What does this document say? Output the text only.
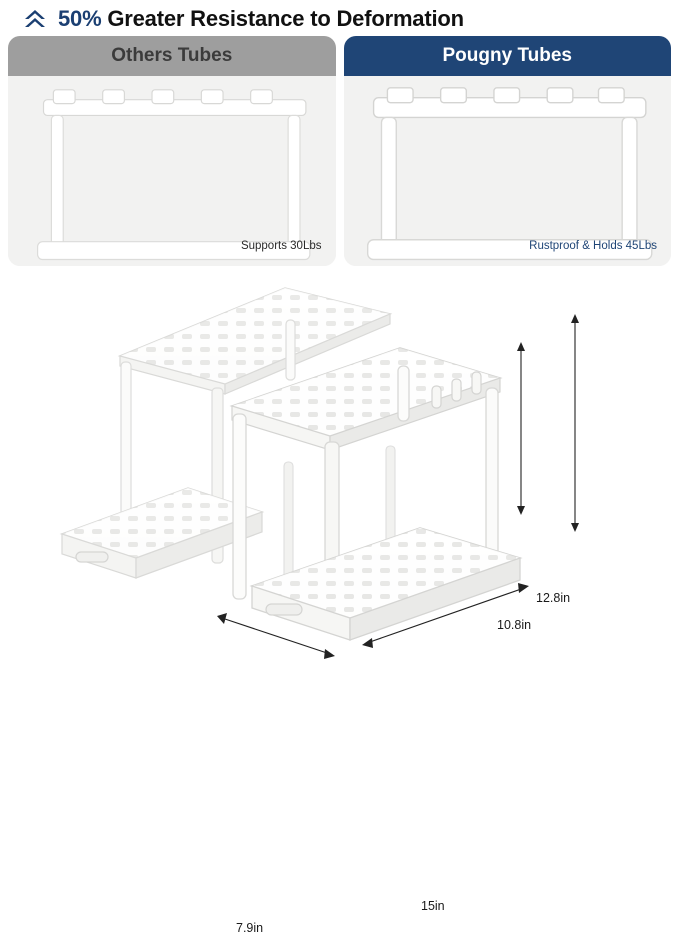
50% Greater Resistance to Deformation
Others Tubes
Supports 30Lbs
Pougny Tubes
Rustproof & Holds 45Lbs
12.8in
10.8in
15in
7.9in
